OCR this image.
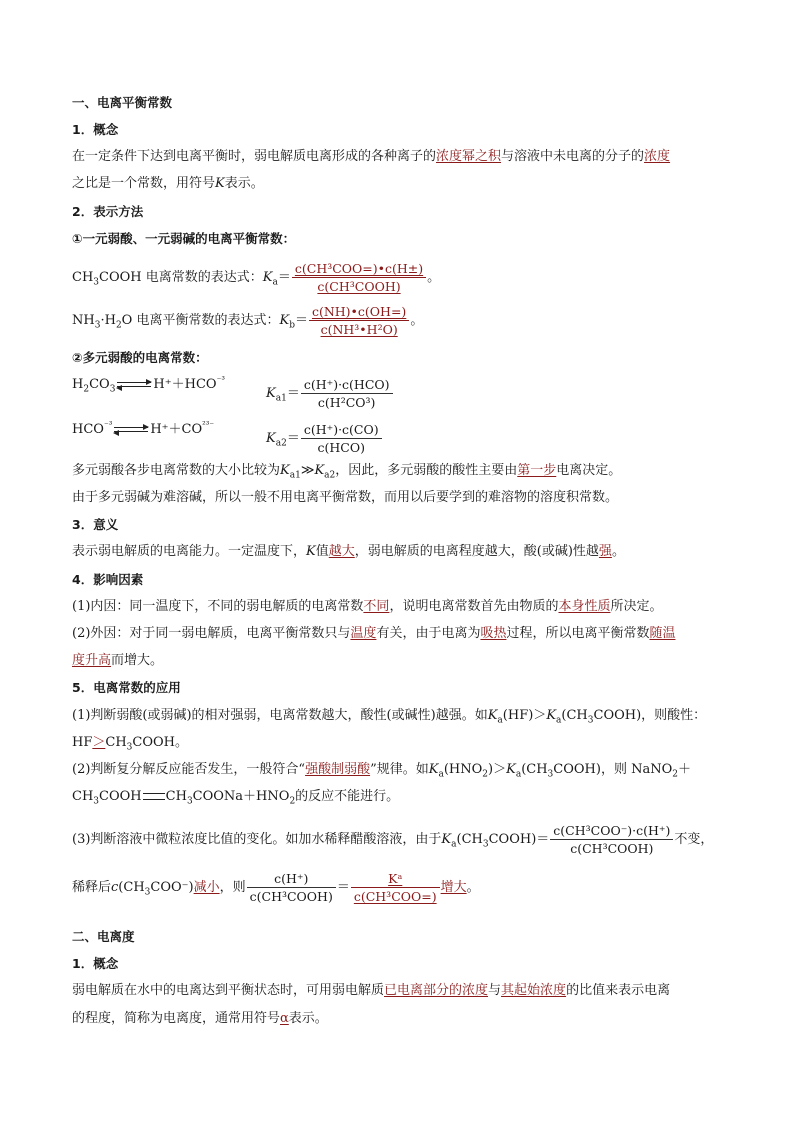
一、电离平衡常数
1．概念
在一定条件下达到电离平衡时，弱电解质电离形成的各种离子的浓度幂之积与溶液中未电离的分子的浓度
之比是一个常数，用符号K表示。
2．表示方法
①一元弱酸、一元弱碱的电离平衡常数：
$CH_3COOH$ 电离常数的表达式：$K_a= \frac{\text{c(CH³COO=)•c(H±)}}{\text{c(CH³COOH)}}$ 。
$NH_3\cdot H_2O$ 电离平衡常数的表达式：$K_b= \frac{c(NH)•c(OH=)}{\text{c(NH³•H²O)}}$ 。
②多元弱酸的电离常数：
$H_2CO_3$	$H^++HCO^{^{-3}}$
$K_{a1}= \frac{\text{c(H⁺)·c(HCO)}}{\text{c(H²CO³)}}$
$HCO^{^{-3}}$	$H^++CO^{^{23-}}$
$K_{a2}= \frac{c(H^+)\cdot c(CO)}{\text{c(HCO)}}$
多元弱酸各步电离常数的大小比较为$K_{a1}≫K_{a2}$，因此，多元弱酸的酸性主要由第一步电离决定。
由于多元弱碱为难溶碱，所以一般不用电离平衡常数，而用以后要学到的难溶物的溶度积常数。
3．意义
表示弱电解质的电离能力。一定温度下，K值越大，弱电解质的电离程度越大，酸(或碱)性越强。
4．影响因素
(1)内因：同一温度下，不同的弱电解质的电离常数不同，说明电离常数首先由物质的本身性质所决定。
(2)外因：对于同一弱电解质，电离平衡常数只与温度有关，由于电离为吸热过程，所以电离平衡常数随温
度升高而增大。
5．电离常数的应用
(1)判断弱酸(或弱碱)的相对强弱，电离常数越大，酸性(或碱性)越强。如$K_a(HF)>K_a(CH_3COOH)$，则酸性：
$HF>CH_3COOH$。
(2)判断复分解反应能否发生，一般符合“强酸制弱酸”规律。如$K_a(HNO_2)>K_a(CH_3COOH)$，则 NaNO$_2$＋
$CH_3COOH$ $CH_3COONa+HNO_2$的反应不能进行。
(3)判断溶液中微粒浓度比值的变化。如加水稀释醋酸溶液，由于$K_a(CH_3COOH)= \frac{\text{c(CH³COO⁻)·c(H⁺)}}{\text{c(CH³COOH)}}$ 不变，
稀释后$c(CH_3COO^-)$减小，则 $\frac{c(H^+)}{\text{c(CH³COOH)}} = \frac{\text{Kᵃ}}{\text{c(CH³COO=)}}$ 增大。
二、电离度
1．概念
弱电解质在水中的电离达到平衡状态时，可用弱电解质已电离部分的浓度与其起始浓度的比值来表示电离
的程度，简称为电离度，通常用符号α表示。
